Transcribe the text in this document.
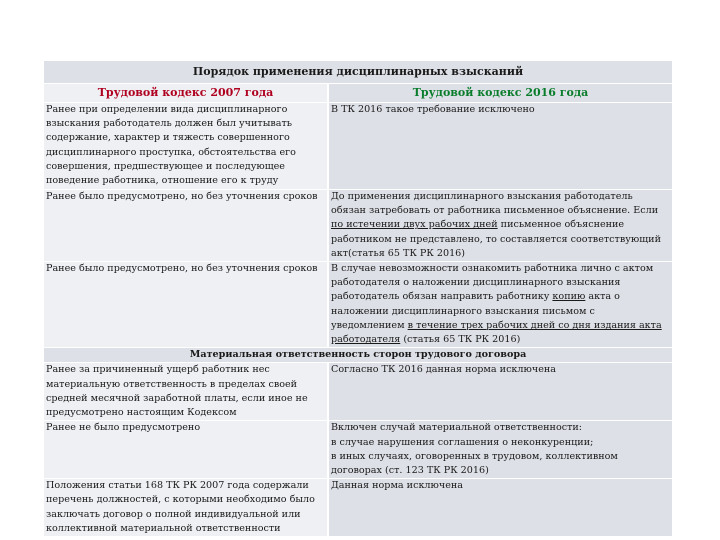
Порядок применения дисциплинарных взысканий	
Трудовой кодекс 2007 года	Трудовой кодекс 2016 года
Ранее при определении вида дисциплинарного взыскания работодатель должен был учитывать содержание, характер и тяжесть совершенного дисциплинарного проступка, обстоятельства его совершения, предшествующее и последующее поведение работника, отношение его к труду	В ТК 2016 такое требование исключено
Ранее было предусмотрено, но без уточнения сроков	До применения дисциплинарного взыскания работодатель обязан затребовать от работника письменное объяснение. Если по истечении двух рабочих дней письменное объяснение работником не представлено, то составляется соответствующий акт(статья 65 ТК РК 2016)
Ранее было предусмотрено, но без уточнения сроков	В случае невозможности ознакомить работника лично с актом работодателя о наложении дисциплинарного взыскания работодатель обязан направить работнику копию акта о наложении дисциплинарного взыскания письмом с уведомлением в течение трех рабочих дней со дня издания акта работодателя (статья 65 ТК РК 2016)
Материальная ответственность сторон трудового договора	
Ранее за причиненный ущерб работник нес материальную ответственность в пределах своей средней месячной заработной платы, если иное не предусмотрено настоящим Кодексом	Согласно ТК 2016 данная норма исключена
Ранее не было предусмотрено	Включен случай материальной ответственности:
в случае нарушения соглашения о неконкуренции;
в иных случаях, оговоренных в трудовом, коллективном договорах (ст. 123 ТК РК 2016)

Положения статьи 168 ТК РК 2007 года содержали перечень должностей, с которыми необходимо было заключать договор о полной индивидуальной или коллективной материальной ответственности	Данная норма исключена
